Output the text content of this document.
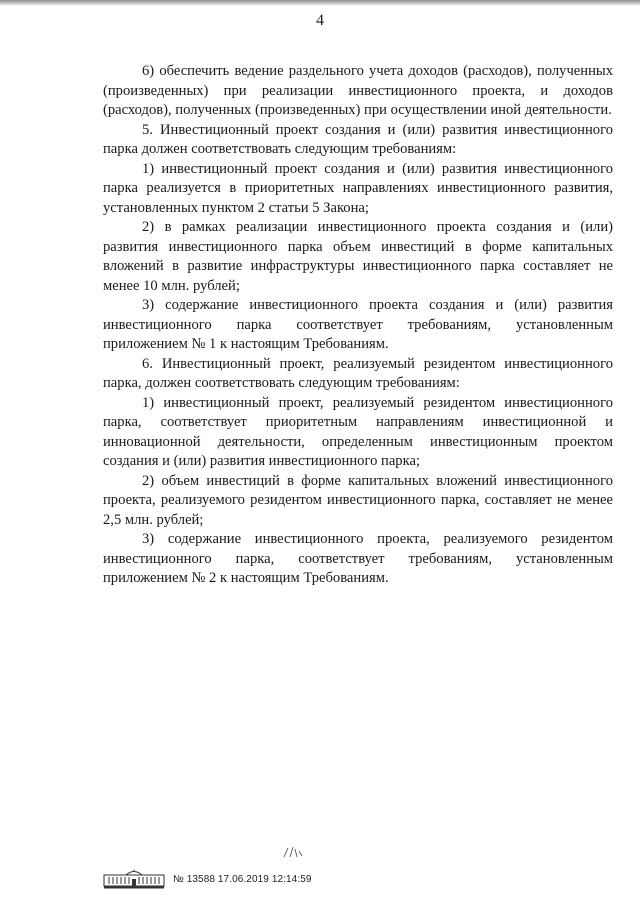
4

6) обеспечить ведение раздельного учета доходов (расходов), полученных (произведенных) при реализации инвестиционного проекта, и доходов (расходов), полученных (произведенных) при осуществлении иной деятельности.

5. Инвестиционный проект создания и (или) развития инвестиционного парка должен соответствовать следующим требованиям:

1) инвестиционный проект создания и (или) развития инвестиционного парка реализуется в приоритетных направлениях инвестиционного развития, установленных пунктом 2 статьи 5 Закона;

2) в рамках реализации инвестиционного проекта создания и (или) развития инвестиционного парка объем инвестиций в форме капитальных вложений в развитие инфраструктуры инвестиционного парка составляет не менее 10 млн. рублей;

3) содержание инвестиционного проекта создания и (или) развития инвестиционного парка соответствует требованиям, установленным приложением № 1 к настоящим Требованиям.

6. Инвестиционный проект, реализуемый резидентом инвестиционного парка, должен соответствовать следующим требованиям:

1) инвестиционный проект, реализуемый резидентом инвестиционного парка, соответствует приоритетным направлениям инвестиционной и инновационной деятельности, определенным инвестиционным проектом создания и (или) развития инвестиционного парка;

2) объем инвестиций в форме капитальных вложений инвестиционного проекта, реализуемого резидентом инвестиционного парка, составляет не менее 2,5 млн. рублей;

3) содержание инвестиционного проекта, реализуемого резидентом инвестиционного парка, соответствует требованиям, установленным приложением № 2 к настоящим Требованиям.

№ 13588 17.06.2019 12:14:59
